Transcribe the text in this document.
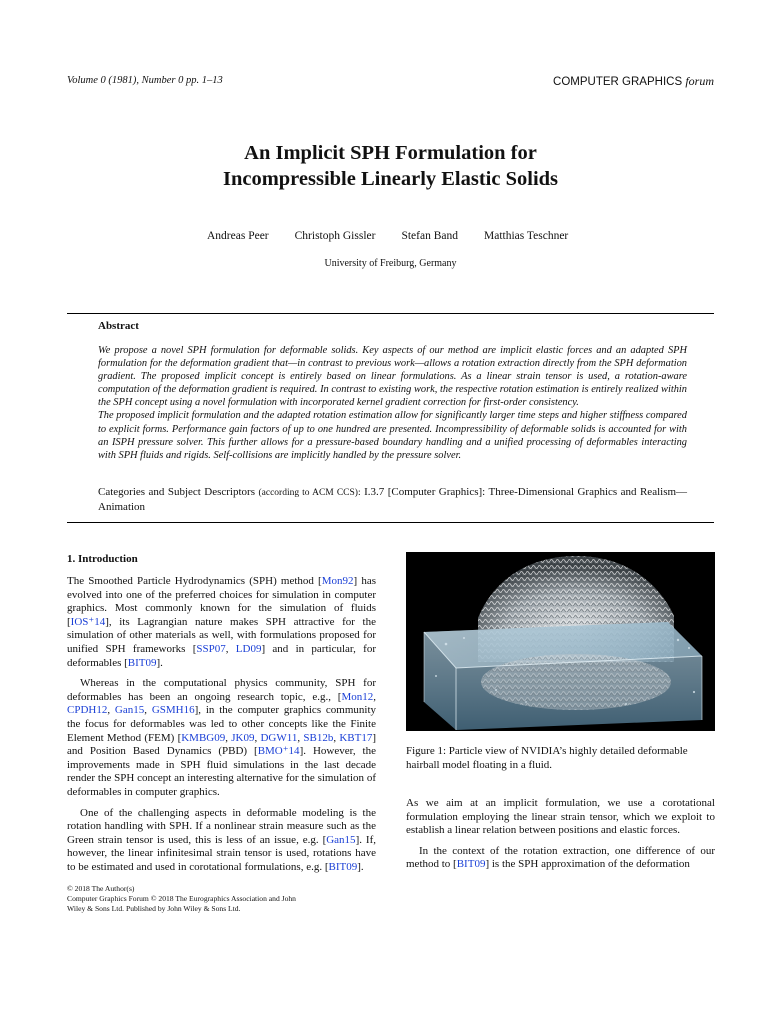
Volume 0 (1981), Number 0 pp. 1–13	COMPUTER GRAPHICS forum
An Implicit SPH Formulation for
Incompressible Linearly Elastic Solids
Andreas Peer Christoph Gissler Stefan Band Matthias Teschner
University of Freiburg, Germany
Abstract

We propose a novel SPH formulation for deformable solids. Key aspects of our method are implicit elastic forces and an adapted SPH formulation for the deformation gradient that—in contrast to previous work—allows a rotation extraction directly from the SPH deformation gradient. The proposed implicit concept is entirely based on linear formulations. As a linear strain tensor is used, a rotation-aware computation of the deformation gradient is required. In contrast to existing work, the respective rotation estimation is entirely realized within the SPH concept using a novel formulation with incorporated kernel gradient correction for first-order consistency.

The proposed implicit formulation and the adapted rotation estimation allow for significantly larger time steps and higher stiffness compared to explicit forms. Performance gain factors of up to one hundred are presented. Incompressibility of deformable solids is accounted for with an ISPH pressure solver. This further allows for a pressure-based boundary handling and a unified processing of deformables interacting with SPH fluids and rigids. Self-collisions are implicitly handled by the pressure solver.

Categories and Subject Descriptors (according to ACM CCS): I.3.7 [Computer Graphics]: Three-Dimensional Graphics and Realism—Animation
1. Introduction

The Smoothed Particle Hydrodynamics (SPH) method [Mon92] has evolved into one of the preferred choices for simulation in computer graphics. Most commonly known for the simulation of fluids [IOS⁺14], its Lagrangian nature makes SPH attractive for the simulation of other materials as well, with formulations proposed for unified SPH frameworks [SSP07, LD09] and in particular, for deformables [BIT09].

Whereas in the computational physics community, SPH for deformables has been an ongoing research topic, e.g., [Mon12, CPDH12, Gan15, GSMH16], in the computer graphics community the focus for deformables was led to other concepts like the Finite Element Method (FEM) [KMBG09, JK09, DGW11, SB12b, KBT17] and Position Based Dynamics (PBD) [BMO⁺14]. However, the improvements made in SPH fluid simulations in the last decade render the SPH concept an interesting alternative for the simulation of deformables in computer graphics.

One of the challenging aspects in deformable modeling is the rotation handling with SPH. If a nonlinear strain measure such as the Green strain tensor is used, this is less of an issue, e.g. [Gan15]. If, however, the linear infinitesimal strain tensor is used, rotations have to be estimated and used in corotational formulations, e.g. [BIT09].

© 2018 The Author(s)
Computer Graphics Forum © 2018 The Eurographics Association and John
Wiley & Sons Ltd. Published by John Wiley & Sons Ltd.
Figure 1: Particle view of NVIDIA’s highly detailed deformable hairball model floating in a fluid.

As we aim at an implicit formulation, we use a corotational formulation employing the linear strain tensor, which we exploit to establish a linear relation between positions and elastic forces.

In the context of the rotation extraction, one difference of our method to [BIT09] is the SPH approximation of the deformation
